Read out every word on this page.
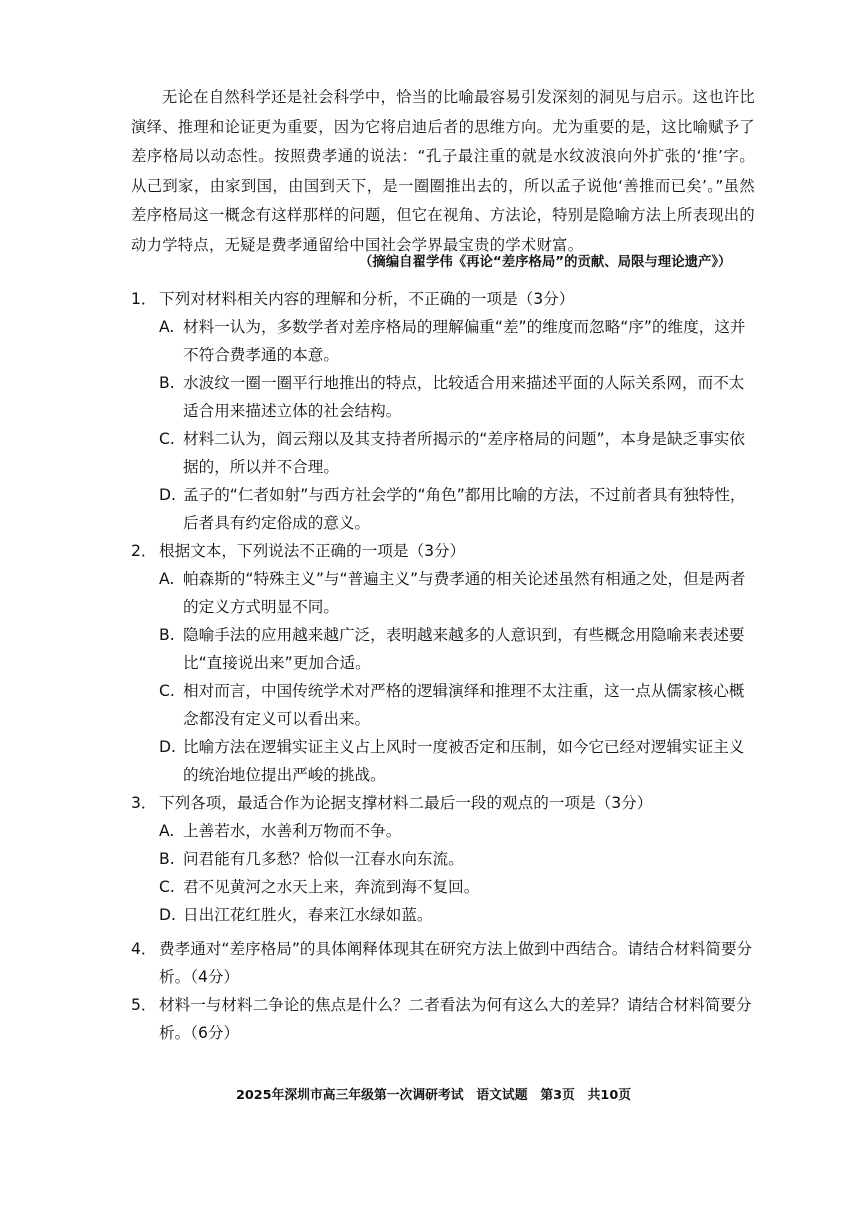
无论在自然科学还是社会科学中，恰当的比喻最容易引发深刻的洞见与启示。这也许比演绎、推理和论证更为重要，因为它将启迪后者的思维方向。尤为重要的是，这比喻赋予了差序格局以动态性。按照费孝通的说法：“孔子最注重的就是水纹波浪向外扩张的‘推’字。从己到家，由家到国，由国到天下，是一圈圈推出去的，所以孟子说他‘善推而已矣’。”虽然差序格局这一概念有这样那样的问题，但它在视角、方法论，特别是隐喻方法上所表现出的动力学特点，无疑是费孝通留给中国社会学界最宝贵的学术财富。

（摘编自翟学伟《再论“差序格局”的贡献、局限与理论遗产》）
1． 下列对材料相关内容的理解和分析，不正确的一项是（3分）
A. 材料一认为，多数学者对差序格局的理解偏重“差”的维度而忽略“序”的维度，这并不符合费孝通的本意。
B. 水波纹一圈一圈平行地推出的特点，比较适合用来描述平面的人际关系网，而不太适合用来描述立体的社会结构。
C. 材料二认为，阎云翔以及其支持者所揭示的“差序格局的问题”，本身是缺乏事实依据的，所以并不合理。
D. 孟子的“仁者如射”与西方社会学的“角色”都用比喻的方法，不过前者具有独特性，后者具有约定俗成的意义。
2． 根据文本，下列说法不正确的一项是（3分）
A. 帕森斯的“特殊主义”与“普遍主义”与费孝通的相关论述虽然有相通之处，但是两者的定义方式明显不同。
B. 隐喻手法的应用越来越广泛，表明越来越多的人意识到，有些概念用隐喻来表述要比“直接说出来”更加合适。
C. 相对而言，中国传统学术对严格的逻辑演绎和推理不太注重，这一点从儒家核心概念都没有定义可以看出来。
D. 比喻方法在逻辑实证主义占上风时一度被否定和压制，如今它已经对逻辑实证主义的统治地位提出严峻的挑战。
3． 下列各项，最适合作为论据支撑材料二最后一段的观点的一项是（3分）
A. 上善若水，水善利万物而不争。
B. 问君能有几多愁？恰似一江春水向东流。
C. 君不见黄河之水天上来，奔流到海不复回。
D. 日出江花红胜火，春来江水绿如蓝。
4． 费孝通对“差序格局”的具体阐释体现其在研究方法上做到中西结合。请结合材料简要分析。（4分）
5． 材料一与材料二争论的焦点是什么？二者看法为何有这么大的差异？请结合材料简要分析。（6分）
2025年深圳市高三年级第一次调研考试　语文试题　第3页　共10页
